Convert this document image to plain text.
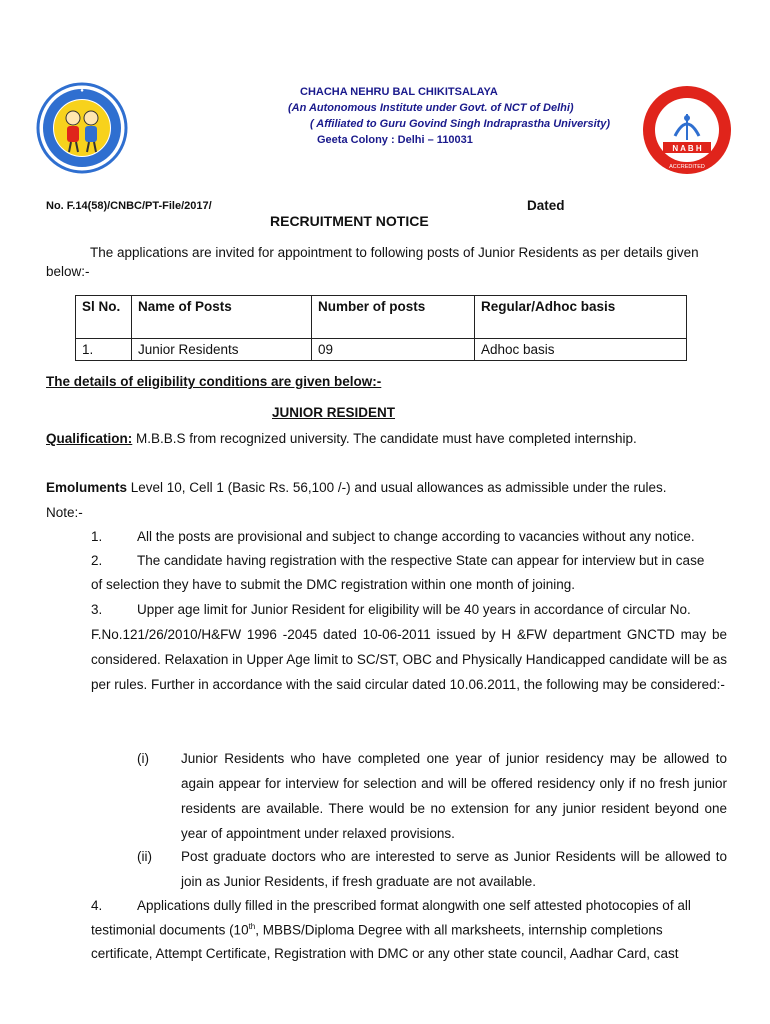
●
N A B H
ACCREDITED
CHACHA NEHRU BAL CHIKITSALAYA
(An Autonomous Institute under Govt. of NCT of Delhi)
( Affiliated to Guru Govind Singh Indraprastha University)
Geeta Colony : Delhi – 110031
No. F.14(58)/CNBC/PT-File/2017/	Dated
RECRUITMENT NOTICE
The applications are invited for appointment to following posts of Junior Residents as per details given below:-
Sl No.	Name of Posts	Number of posts	Regular/Adhoc basis
1.	Junior Residents	09	Adhoc basis
The details of eligibility conditions are given below:-
JUNIOR RESIDENT
Qualification: M.B.B.S from recognized university. The candidate must have completed internship.
Emoluments Level 10, Cell 1 (Basic Rs. 56,100 /-) and usual allowances as admissible under the rules.
Note:-
1.	All the posts are provisional and subject to change according to vacancies without any notice.
2.	The candidate having registration with the respective State can appear for interview but in case
of selection they have to submit the DMC registration within one month of joining.
3.	Upper age limit for Junior Resident for eligibility will be 40 years in accordance of circular No.
F.No.121/26/2010/H&FW 1996 -2045 dated 10-06-2011 issued by H &FW department GNCTD may be considered. Relaxation in Upper Age limit to SC/ST, OBC and Physically Handicapped candidate will be as per rules. Further in accordance with the said circular dated 10.06.2011, the following may be considered:-
(i) Junior Residents who have completed one year of junior residency may be allowed to again appear for interview for selection and will be offered residency only if no fresh junior residents are available. There would be no extension for any junior resident beyond one year of appointment under relaxed provisions.
(ii) Post graduate doctors who are interested to serve as Junior Residents will be allowed to join as Junior Residents, if fresh graduate are not available.
4.	Applications dully filled in the prescribed format alongwith one self attested photocopies of all
testimonial documents (10th, MBBS/Diploma Degree with all marksheets, internship completions
certificate, Attempt Certificate, Registration with DMC or any other state council, Aadhar Card, cast
